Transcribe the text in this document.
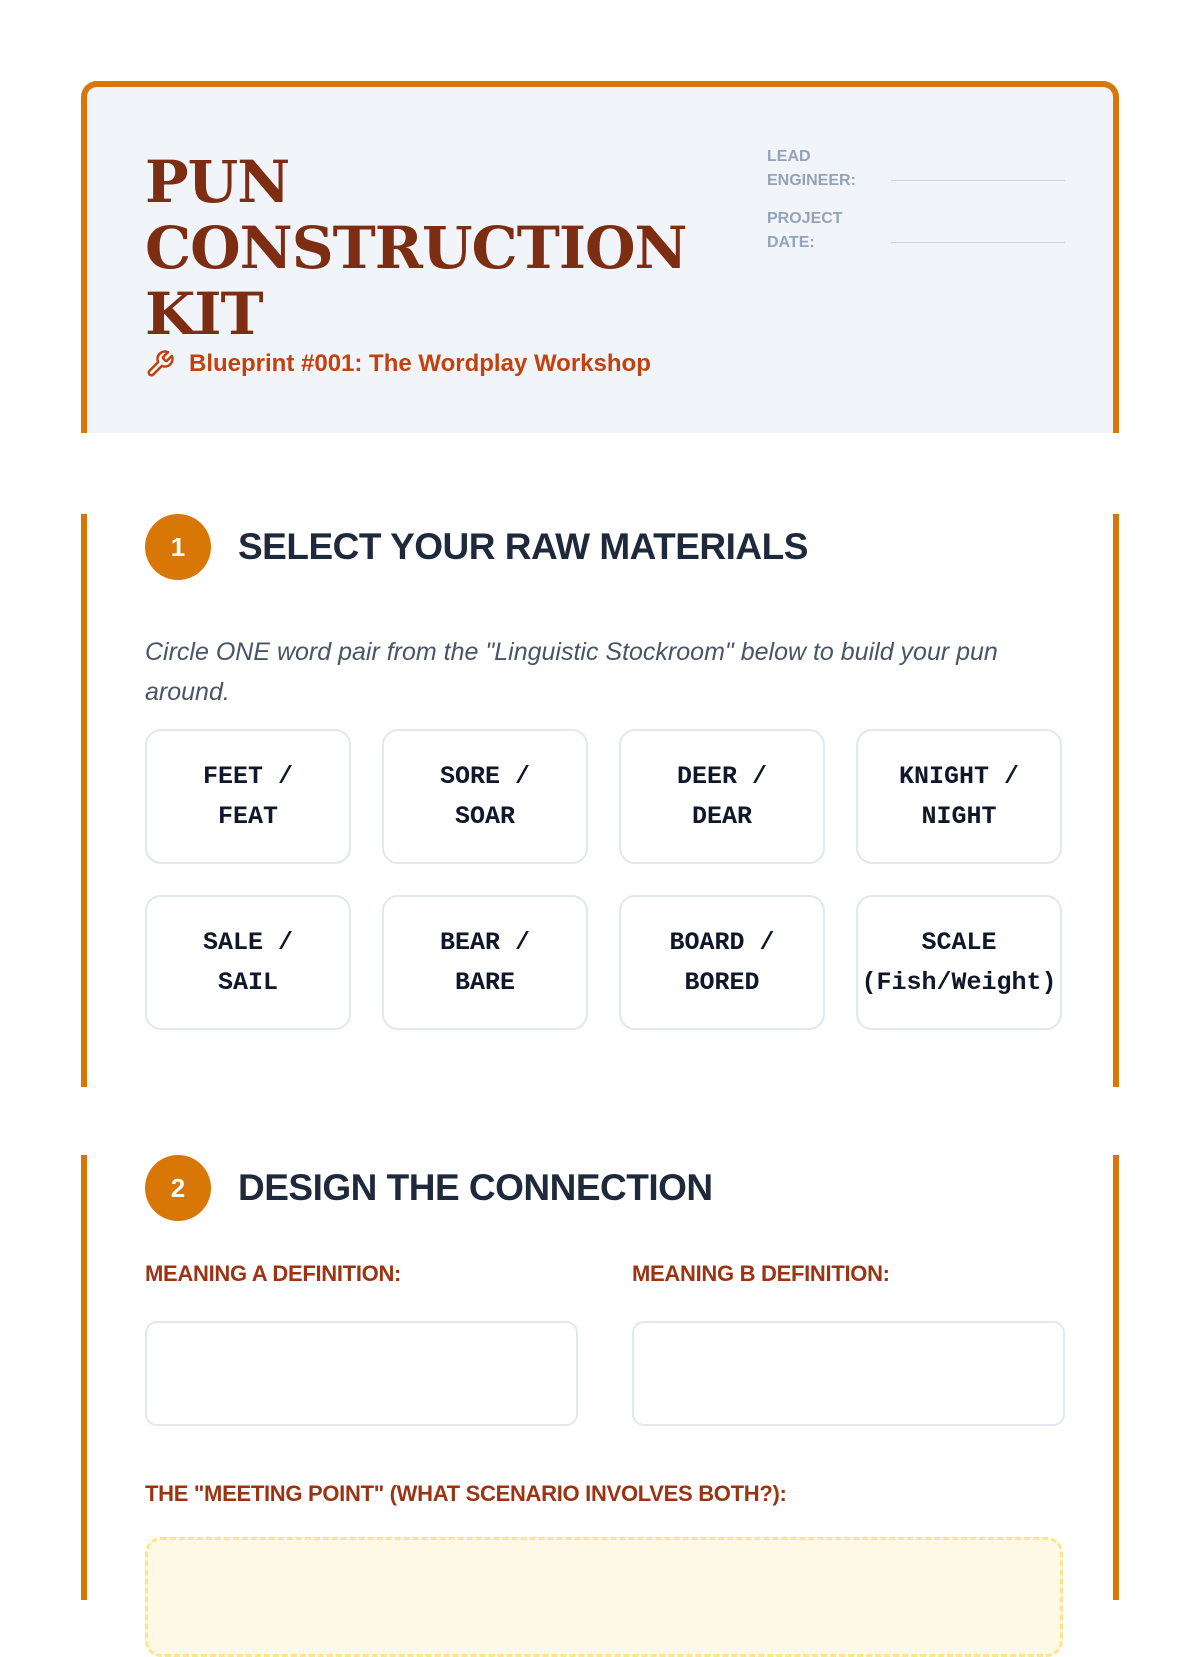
PUN CONSTRUCTION KIT
Blueprint #001: The Wordplay Workshop
LEAD ENGINEER:
PROJECT DATE:
1	SELECT YOUR RAW MATERIALS

Circle ONE word pair from the "Linguistic Stockroom" below to build your pun around.

FEET /
FEAT
SORE /
SOAR
DEER /
DEAR
KNIGHT /
NIGHT
SALE /
SAIL
BEAR /
BARE
BOARD /
BORED
SCALE
(Fish/Weight)
2	DESIGN THE CONNECTION

MEANING A DEFINITION:	MEANING B DEFINITION:

THE "MEETING POINT" (WHAT SCENARIO INVOLVES BOTH?):
